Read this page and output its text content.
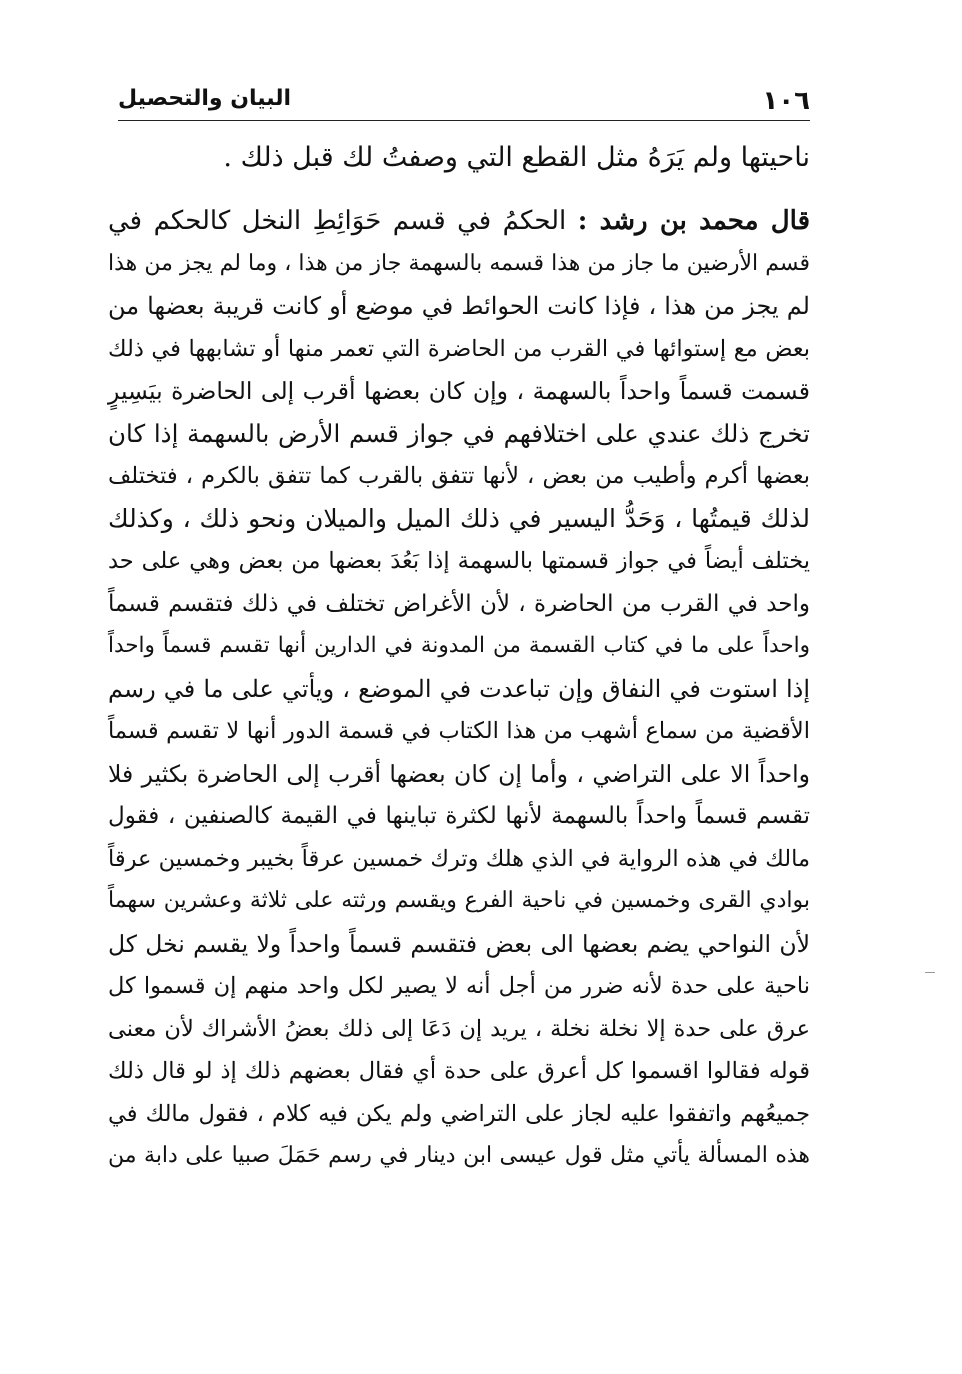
١٠٦
البيان والتحصيل
ناحيتها ولم يَرَهُ مثل القطع التي وصفتُ لك قبل ذلك .
قال محمد بن رشد : الحكمُ في قسم حَوَائِطِ النخل كالحكم في
قسم الأرضين ما جاز من هذا قسمه بالسهمة جاز من هذا ، وما لم يجز من هذا
لم يجز من هذا ، فإذا كانت الحوائط في موضع أو كانت قريبة بعضها من
بعض مع إستوائها في القرب من الحاضرة التي تعمر منها أو تشابهها في ذلك
قسمت قسماً واحداً بالسهمة ، وإن كان بعضها أقرب إلى الحاضرة بيَسِيرٍ
تخرج ذلك عندي على اختلافهم في جواز قسم الأرض بالسهمة إذا كان
بعضها أكرم وأطيب من بعض ، لأنها تتفق بالقرب كما تتفق بالكرم ، فتختلف
لذلك قيمتُها ، وَحَدُّ اليسير في ذلك الميل والميلان ونحو ذلك ، وكذلك
يختلف أيضاً في جواز قسمتها بالسهمة إذا بَعُدَ بعضها من بعض وهي على حد
واحد في القرب من الحاضرة ، لأن الأغراض تختلف في ذلك فتقسم قسماً
واحداً على ما في كتاب القسمة من المدونة في الدارين أنها تقسم قسماً واحداً
إذا استوت في النفاق وإن تباعدت في الموضع ، ويأتي على ما في رسم
الأقضية من سماع أشهب من هذا الكتاب في قسمة الدور أنها لا تقسم قسماً
واحداً الا على التراضي ، وأما إن كان بعضها أقرب إلى الحاضرة بكثير فلا
تقسم قسماً واحداً بالسهمة لأنها لكثرة تباينها في القيمة كالصنفين ، فقول
مالك في هذه الرواية في الذي هلك وترك خمسين عرقاً بخيبر وخمسين عرقاً
بوادي القرى وخمسين في ناحية الفرع ويقسم ورثته على ثلاثة وعشرين سهماً
لأن النواحي يضم بعضها الى بعض فتقسم قسماً واحداً ولا يقسم نخل كل
ناحية على حدة لأنه ضرر من أجل أنه لا يصير لكل واحد منهم إن قسموا كل
عرق على حدة إلا نخلة نخلة ، يريد إن دَعَا إلى ذلك بعضُ الأشراك لأن معنى
قوله فقالوا اقسموا كل أعرق على حدة أي فقال بعضهم ذلك إذ لو قال ذلك
جميعُهم واتفقوا عليه لجاز على التراضي ولم يكن فيه كلام ، فقول مالك في
هذه المسألة يأتي مثل قول عيسى ابن دينار في رسم حَمَلَ صبيا على دابة من
